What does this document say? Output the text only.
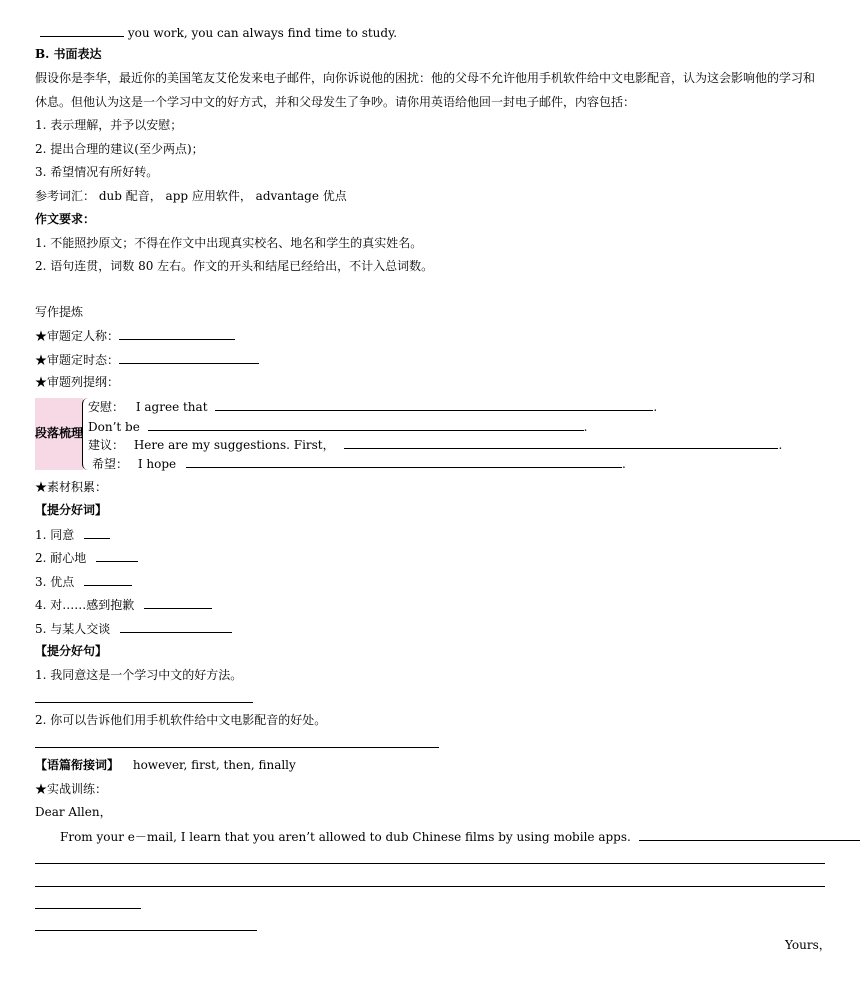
you work, you can always find time to study.
B. 书面表达
假设你是李华，最近你的美国笔友艾伦发来电子邮件，向你诉说他的困扰：他的父母不允许他用手机软件给中文电影配音，认为这会影响他的学习和
休息。但他认为这是一个学习中文的好方式，并和父母发生了争吵。请你用英语给他回一封电子邮件，内容包括：
1. 表示理解，并予以安慰；
2. 提出合理的建议(至少两点)；
3. 希望情况有所好转。
参考词汇： dub 配音， app 应用软件， advantage 优点
作文要求：
1. 不能照抄原文；不得在作文中出现真实校名、地名和学生的真实姓名。
2. 语句连贯，词数 80 左右。作文的开头和结尾已经给出，不计入总词数。
写作提炼
★审题定人称：
★审题定时态：
★审题列提纲：
段落梳理
安慰： I agree that	.
Don’t be	.
建议： Here are my suggestions. First，	.
希望： I hope	.
★素材积累：
【提分好词】
1. 同意
2. 耐心地
3. 优点
4. 对……感到抱歉
5. 与某人交谈
【提分好句】
1. 我同意这是一个学习中文的好方法。
2. 你可以告诉他们用手机软件给中文电影配音的好处。
【语篇衔接词】 however, first, then, finally
★实战训练：
Dear Allen，
From your e－mail, I learn that you aren’t allowed to dub Chinese films by using mobile apps.
Yours，
